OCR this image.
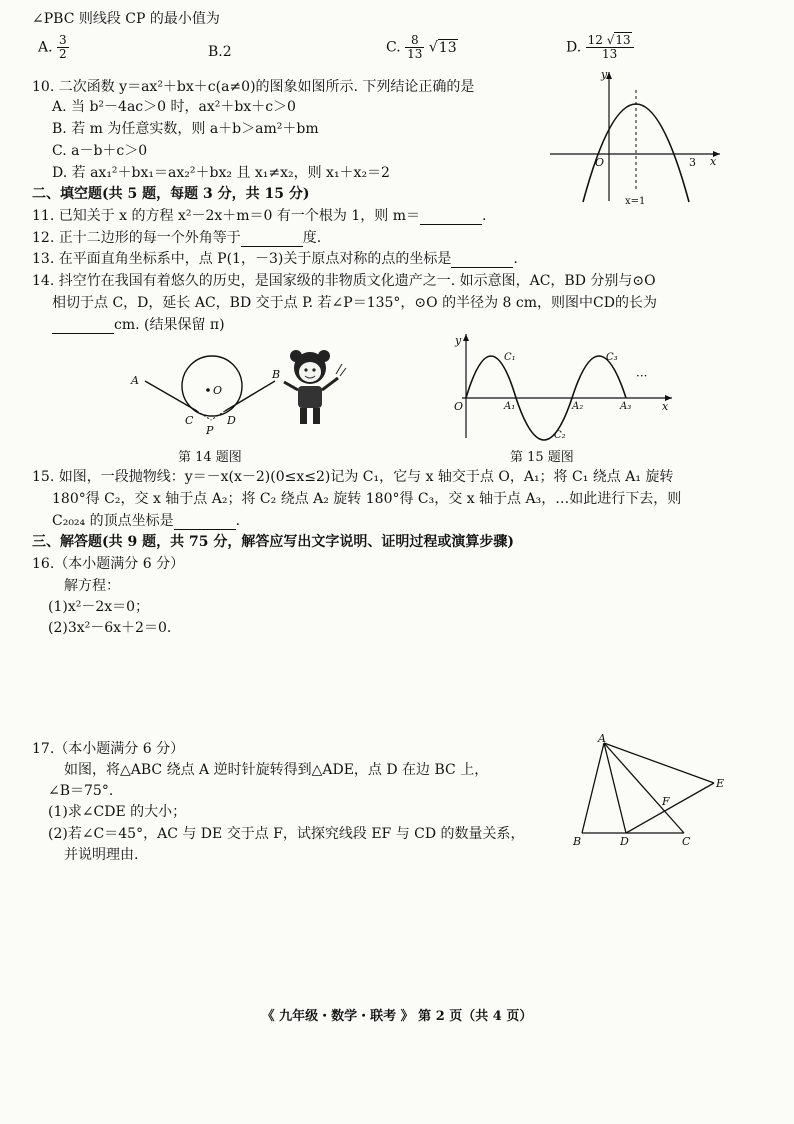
∠PBC 则线段 CP 的最小值为
A. $\frac{3}{2}$	B.2	C. $\frac{8}{13} √13$	D. $\frac{12 √13}{13}$
10. 二次函数 y＝ax²＋bx＋c(a≠0)的图象如图所示. 下列结论正确的是
A. 当 b²－4ac＞0 时，ax²＋bx＋c＞0
B. 若 m 为任意实数，则 a＋b＞am²＋bm
C. a－b＋c＞0
D. 若 ax₁²＋bx₁＝ax₂²＋bx₂ 且 x₁≠x₂，则 x₁＋x₂＝2
y
x
O	3
x=1
二、填空题(共 5 题，每题 3 分，共 15 分)
11. 已知关于 x 的方程 x²－2x＋m＝0 有一个根为 1，则 m＝	.
12. 正十二边形的每一个外角等于	度.
13. 在平面直角坐标系中，点 P(1，－3)关于原点对称的点的坐标是	.
14. 抖空竹在我国有着悠久的历史，是国家级的非物质文化遗产之一. 如示意图，AC，BD 分别与⊙O
相切于点 C，D，延长 AC，BD 交于点 P. 若∠P＝135°，⊙O 的半径为 8 cm，则图中CD的长为
cm. (结果保留 π)
A	B
C	D
O
P
第 14 题图
y
x
O	A₁	A₂	A₃
C₁
C₂
C₃
···
第 15 题图
15. 如图，一段抛物线：y＝－x(x－2)(0≤x≤2)记为 C₁，它与 x 轴交于点 O，A₁；将 C₁ 绕点 A₁ 旋转
180°得 C₂，交 x 轴于点 A₂；将 C₂ 绕点 A₂ 旋转 180°得 C₃，交 x 轴于点 A₃，…如此进行下去，则
C₂₀₂₄ 的顶点坐标是	.
三、解答题(共 9 题，共 75 分，解答应写出文字说明、证明过程或演算步骤)
16.（本小题满分 6 分）
解方程：
(1)x²－2x＝0；
(2)3x²－6x＋2＝0.
17.（本小题满分 6 分）
如图，将△ABC 绕点 A 逆时针旋转得到△ADE，点 D 在边 BC 上，
∠B＝75°.
(1)求∠CDE 的大小；
(2)若∠C＝45°，AC 与 DE 交于点 F，试探究线段 EF 与 CD 的数量关系，
并说明理由.
A
B	C
D
E
F
《 九年级・数学・联考 》 第 2 页（共 4 页）
